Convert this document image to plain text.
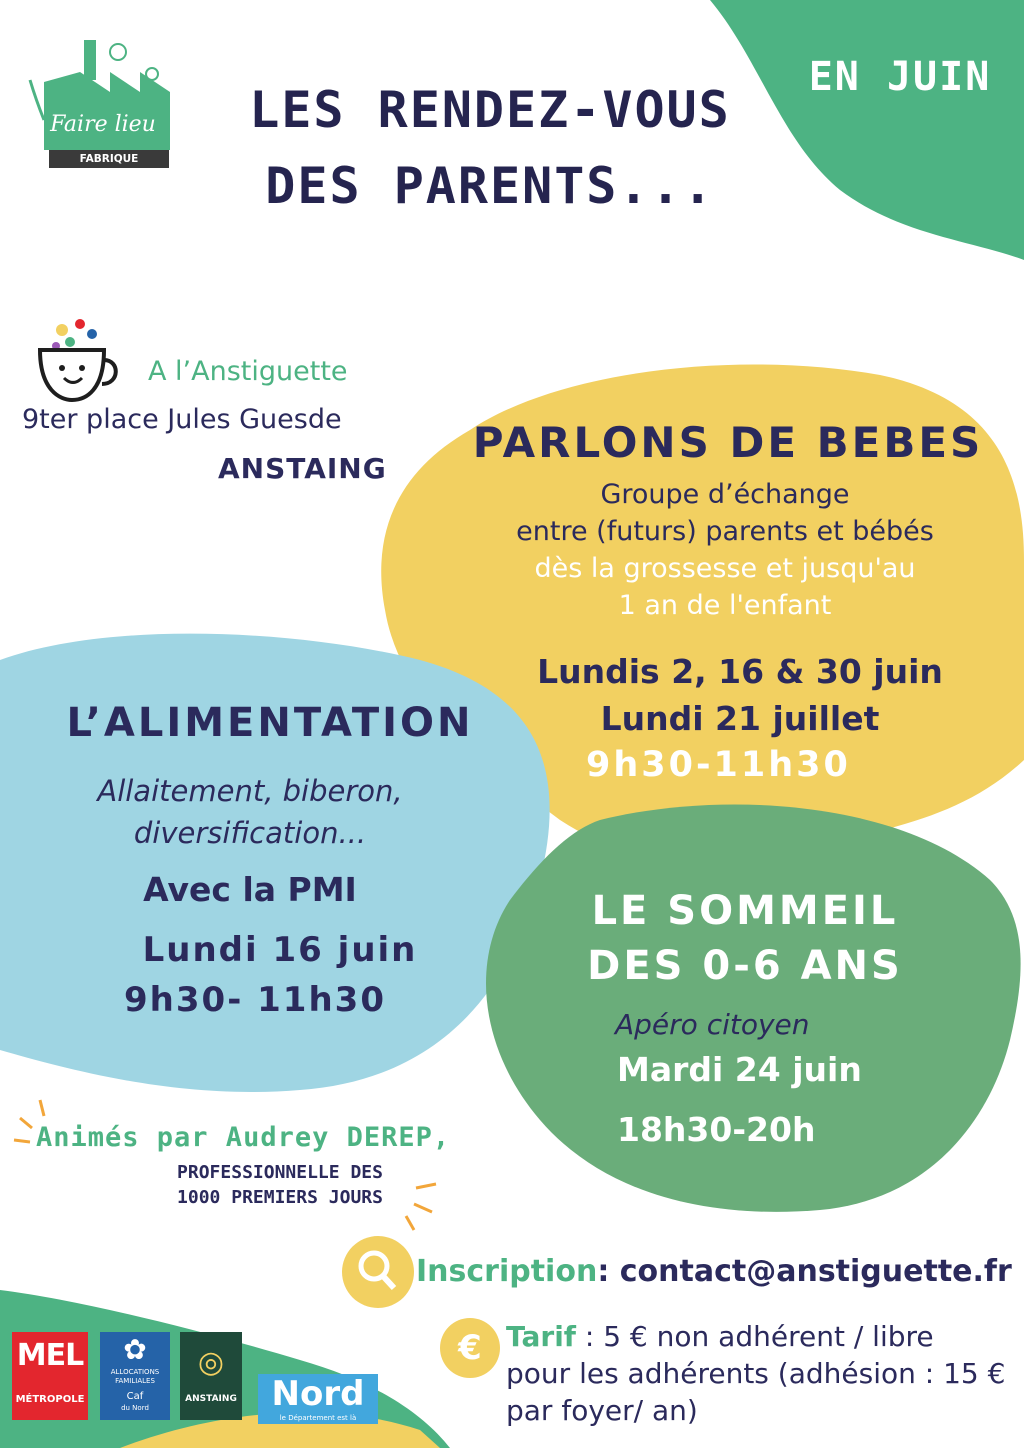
Faire lieu
FABRIQUE CITOYENNE
LES RENDEZ-VOUS
DES PARENTS...
EN JUIN
A l’Anstiguette
9ter place Jules Guesde
ANSTAING
PARLONS DE BEBES
Groupe d’échange
entre (futurs) parents et bébés
dès la grossesse et jusqu'au
1 an de l'enfant
Lundis 2, 16 & 30 juin
Lundi 21 juillet
9h30-11h30
L’ALIMENTATION
Allaitement, biberon,
diversification...
Avec la PMI
Lundi 16 juin
9h30- 11h30
LE SOMMEIL
DES 0-6 ANS
Apéro citoyen
Mardi 24 juin
18h30-20h
Animés par Audrey DEREP,
PROFESSIONNELLE DES
1000 PREMIERS JOURS
Inscription: contact@anstiguette.fr
€ Tarif : 5 € non adhérent / libre pour les adhérents (adhésion : 15 € par foyer/ an)
MEL
MÉTROPOLE
✿
ALLOCATIONS
FAMILIALES
Caf
du Nord
◎
ANSTAING	Nord
le Département est là
